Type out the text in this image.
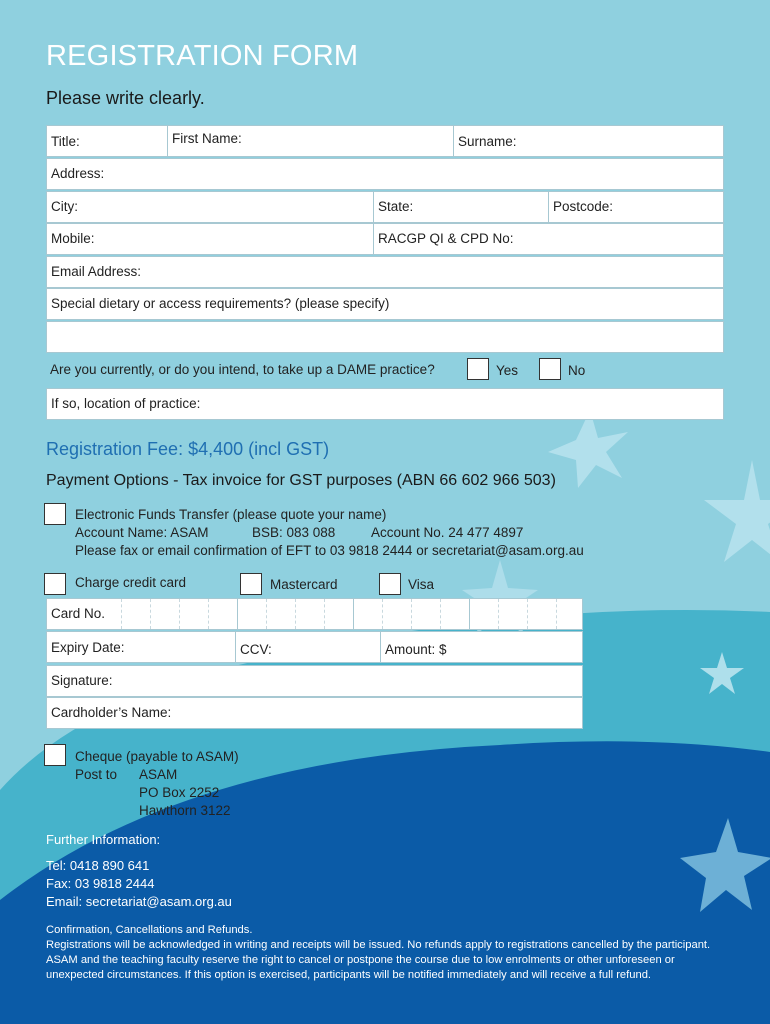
REGISTRATION FORM
Please write clearly.
Title:	First Name:	Surname:
Address:
City:	State:	Postcode:
Mobile:	RACGP QI & CPD No:
Email Address:
Special dietary or access requirements? (please specify)
Are you currently, or do you intend, to take up a DAME practice?	Yes	No
If so, location of practice:
Registration Fee: $4,400 (incl GST)
Payment Options - Tax invoice for GST purposes (ABN 66 602 966 503)
Electronic Funds Transfer (please quote your name)
Account Name: ASAM	BSB: 083 088	Account No. 24 477 4897
Please fax or email confirmation of EFT to 03 9818 2444 or secretariat@asam.org.au
Charge credit card	Mastercard	Visa
Card No.
Expiry Date:	CCV:	Amount: $
Signature:
Cardholder’s Name:
Cheque (payable to ASAM)
Post to ASAM
PO Box 2252
Hawthorn 3122
Further Information:
Tel: 0418 890 641
Fax: 03 9818 2444
Email: secretariat@asam.org.au
Confirmation, Cancellations and Refunds.
Registrations will be acknowledged in writing and receipts will be issued. No refunds apply to registrations cancelled by the participant. ASAM and the teaching faculty reserve the right to cancel or postpone the course due to low enrolments or other unforeseen or unexpected circumstances. If this option is exercised, participants will be notified immediately and will receive a full refund.
